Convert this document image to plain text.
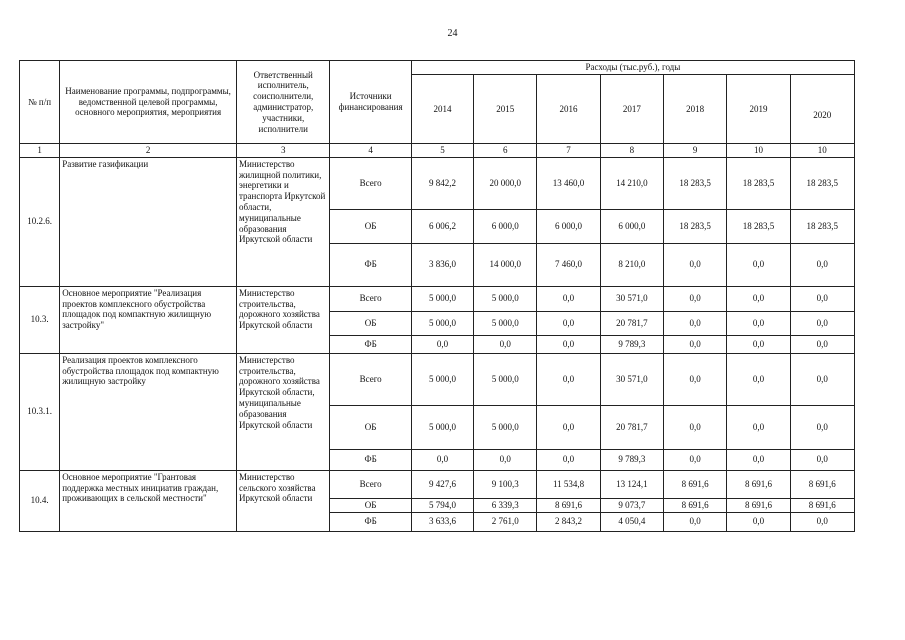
24
№ п/п	Наименование программы, подпрограммы, ведомственной целевой программы, основного мероприятия, мероприятия	Ответственный исполнитель, соисполнители, администратор, участники, исполнители	Источники финансирования	Расходы (тыс.руб.), годы						
				2014	2015	2016	2017	2018	2019	2020
1	2	3	4	5	6	7	8	9	10	10
10.2.6.	Развитие газификации	Министерство жилищной политики, энергетики и транспорта Иркутской области, муниципальные образования Иркутской области	Всего	9 842,2	20 000,0	13 460,0	14 210,0	18 283,5	18 283,5	18 283,5
			ОБ	6 006,2	6 000,0	6 000,0	6 000,0	18 283,5	18 283,5	18 283,5
			ФБ	3 836,0	14 000,0	7 460,0	8 210,0	0,0	0,0	0,0
10.3.	Основное мероприятие "Реализация проектов комплексного обустройства площадок под компактную жилищную застройку"	Министерство строительства, дорожного хозяйства Иркутской области	Всего	5 000,0	5 000,0	0,0	30 571,0	0,0	0,0	0,0
			ОБ	5 000,0	5 000,0	0,0	20 781,7	0,0	0,0	0,0
			ФБ	0,0	0,0	0,0	9 789,3	0,0	0,0	0,0
10.3.1.	Реализация проектов комплексного обустройства площадок под компактную жилищную застройку	Министерство строительства, дорожного хозяйства Иркутской области, муниципальные образования Иркутской области	Всего	5 000,0	5 000,0	0,0	30 571,0	0,0	0,0	0,0
			ОБ	5 000,0	5 000,0	0,0	20 781,7	0,0	0,0	0,0
			ФБ	0,0	0,0	0,0	9 789,3	0,0	0,0	0,0
10.4.	Основное мероприятие "Грантовая поддержка местных инициатив граждан, проживающих в сельской местности"	Министерство сельского хозяйства Иркутской области	Всего	9 427,6	9 100,3	11 534,8	13 124,1	8 691,6	8 691,6	8 691,6
			ОБ	5 794,0	6 339,3	8 691,6	9 073,7	8 691,6	8 691,6	8 691,6
			ФБ	3 633,6	2 761,0	2 843,2	4 050,4	0,0	0,0	0,0
